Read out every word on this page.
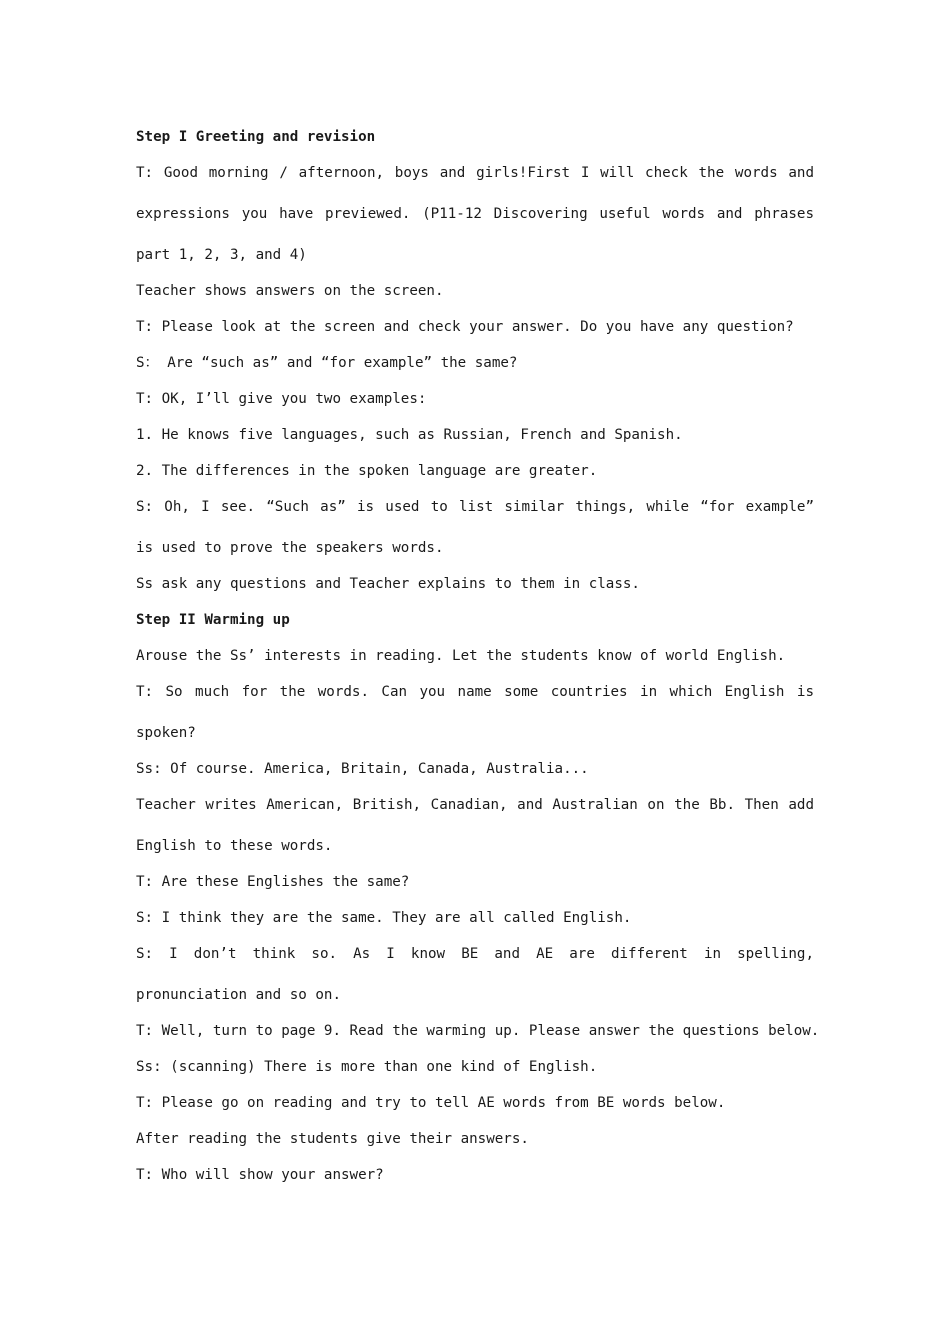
Step I Greeting and revision
T: Good morning / afternoon, boys and girls!First I will check the words and
expressions you have previewed. (P11-12 Discovering useful words and phrases
part 1, 2, 3, and 4)
Teacher shows answers on the screen.
T: Please look at the screen and check your answer. Do you have any question?
S： Are “such as” and “for example” the same?
T: OK, I’ll give you two examples:
1. He knows five languages, such as Russian, French and Spanish.
2. The differences in the spoken language are greater.
S: Oh, I see. “Such as” is used to list similar things, while “for example”
is used to prove the speakers words.
Ss ask any questions and Teacher explains to them in class.
Step II Warming up
Arouse the Ss’ interests in reading. Let the students know of world English.
T: So much for the words. Can you name some countries in which English is
spoken?
Ss: Of course. America, Britain, Canada, Australia...
Teacher writes American, British, Canadian, and Australian on the Bb. Then add
English to these words.
T: Are these Englishes the same?
S: I think they are the same. They are all called English.
S: I don’t think so. As I know BE and AE are different in spelling,
pronunciation and so on.
T: Well, turn to page 9. Read the warming up. Please answer the questions below.
Ss: (scanning) There is more than one kind of English.
T: Please go on reading and try to tell AE words from BE words below.
After reading the students give their answers.
T: Who will show your answer?
